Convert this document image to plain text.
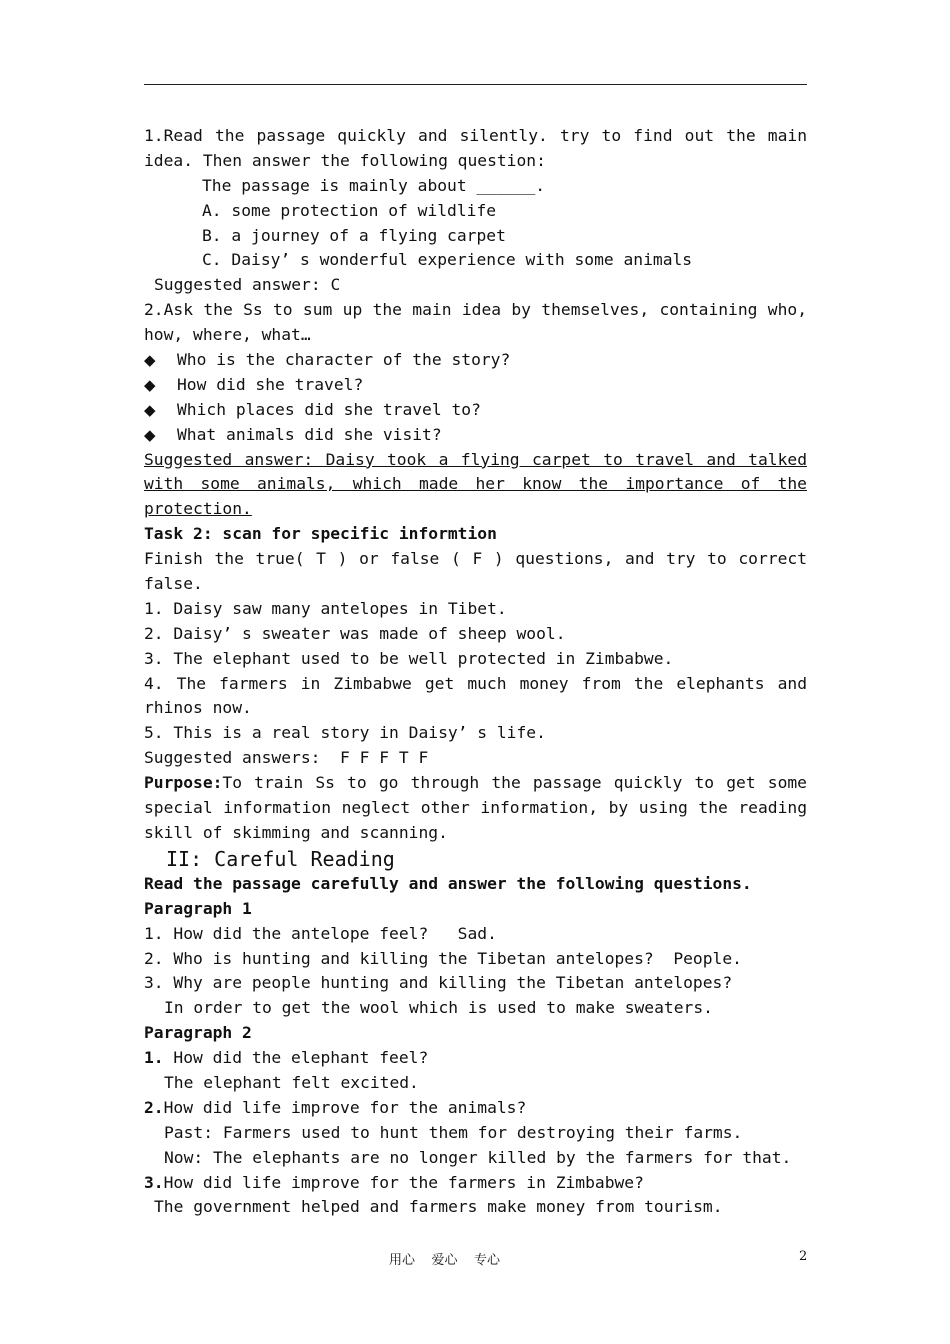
1.Read the passage quickly and silently. try to find out the main
idea. Then answer the following question:
The passage is mainly about ______.
A. some protection of wildlife
B. a journey of a flying carpet
C. Daisy’ s wonderful experience with some animals
Suggested answer: C
2.Ask the Ss to sum up the main idea by themselves, containing who,
how, where, what…
◆ Who is the character of the story?
◆ How did she travel?
◆ Which places did she travel to?
◆ What animals did she visit?
Suggested answer: Daisy took a flying carpet to travel and talked
with some animals, which made her know the importance of the
protection.
Task 2: scan for specific informtion
Finish the true( T ) or false ( F ) questions, and try to correct
false.
1. Daisy saw many antelopes in Tibet.
2. Daisy’ s sweater was made of sheep wool.
3. The elephant used to be well protected in Zimbabwe.
4. The farmers in Zimbabwe get much money from the elephants and
rhinos now.
5. This is a real story in Daisy’ s life.
Suggested answers:  F F F T F
Purpose:To train Ss to go through the passage quickly to get some
special information neglect other information, by using the reading
skill of skimming and scanning.
II: Careful Reading
Read the passage carefully and answer the following questions.
Paragraph 1
1. How did the antelope feel?   Sad.
2. Who is hunting and killing the Tibetan antelopes?  People.
3. Why are people hunting and killing the Tibetan antelopes?
In order to get the wool which is used to make sweaters.
Paragraph 2
1. How did the elephant feel?
The elephant felt excited.
2.How did life improve for the animals?
Past: Farmers used to hunt them for destroying their farms.
Now: The elephants are no longer killed by the farmers for that.
3.How did life improve for the farmers in Zimbabwe?
The government helped and farmers make money from tourism.
用心    爱心    专心	2
